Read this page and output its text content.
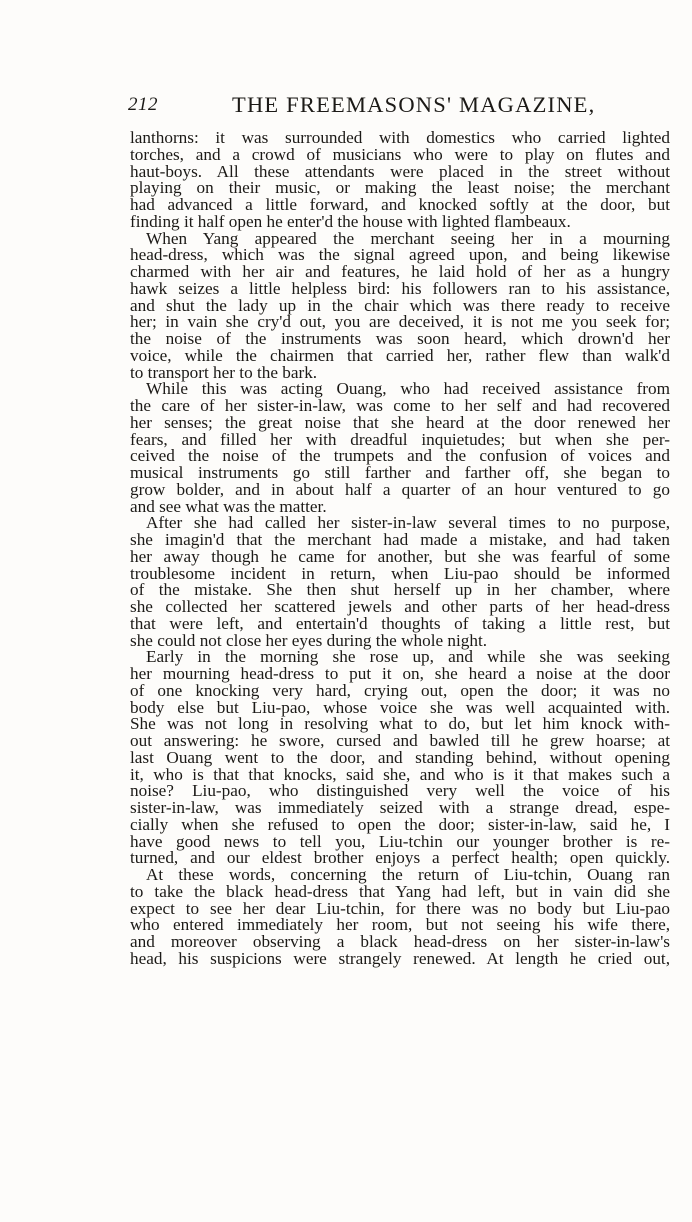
212	THE FREEMASONS' MAGAZINE,
lanthorns: it was surrounded with domestics who carried lighted
torches, and a crowd of musicians who were to play on flutes and
haut-boys. All these attendants were placed in the street without
playing on their music, or making the least noise; the merchant
had advanced a little forward, and knocked softly at the door, but
finding it half open he enter'd the house with lighted flambeaux.
When Yang appeared the merchant seeing her in a mourning
head-dress, which was the signal agreed upon, and being likewise
charmed with her air and features, he laid hold of her as a hungry
hawk seizes a little helpless bird: his followers ran to his assistance,
and shut the lady up in the chair which was there ready to receive
her; in vain she cry'd out, you are deceived, it is not me you seek for;
the noise of the instruments was soon heard, which drown'd her
voice, while the chairmen that carried her, rather flew than walk'd
to transport her to the bark.
While this was acting Ouang, who had received assistance from
the care of her sister-in-law, was come to her self and had recovered
her senses; the great noise that she heard at the door renewed her
fears, and filled her with dreadful inquietudes; but when she per-
ceived the noise of the trumpets and the confusion of voices and
musical instruments go still farther and farther off, she began to
grow bolder, and in about half a quarter of an hour ventured to go
and see what was the matter.
After she had called her sister-in-law several times to no purpose,
she imagin'd that the merchant had made a mistake, and had taken
her away though he came for another, but she was fearful of some
troublesome incident in return, when Liu-pao should be informed
of the mistake. She then shut herself up in her chamber, where
she collected her scattered jewels and other parts of her head-dress
that were left, and entertain'd thoughts of taking a little rest, but
she could not close her eyes during the whole night.
Early in the morning she rose up, and while she was seeking
her mourning head-dress to put it on, she heard a noise at the door
of one knocking very hard, crying out, open the door; it was no
body else but Liu-pao, whose voice she was well acquainted with.
She was not long in resolving what to do, but let him knock with-
out answering: he swore, cursed and bawled till he grew hoarse; at
last Ouang went to the door, and standing behind, without opening
it, who is that that knocks, said she, and who is it that makes such a
noise? Liu-pao, who distinguished very well the voice of his
sister-in-law, was immediately seized with a strange dread, espe-
cially when she refused to open the door; sister-in-law, said he, I
have good news to tell you, Liu-tchin our younger brother is re-
turned, and our eldest brother enjoys a perfect health; open quickly.
At these words, concerning the return of Liu-tchin, Ouang ran
to take the black head-dress that Yang had left, but in vain did she
expect to see her dear Liu-tchin, for there was no body but Liu-pao
who entered immediately her room, but not seeing his wife there,
and moreover observing a black head-dress on her sister-in-law's
head, his suspicions were strangely renewed. At length he cried out,
